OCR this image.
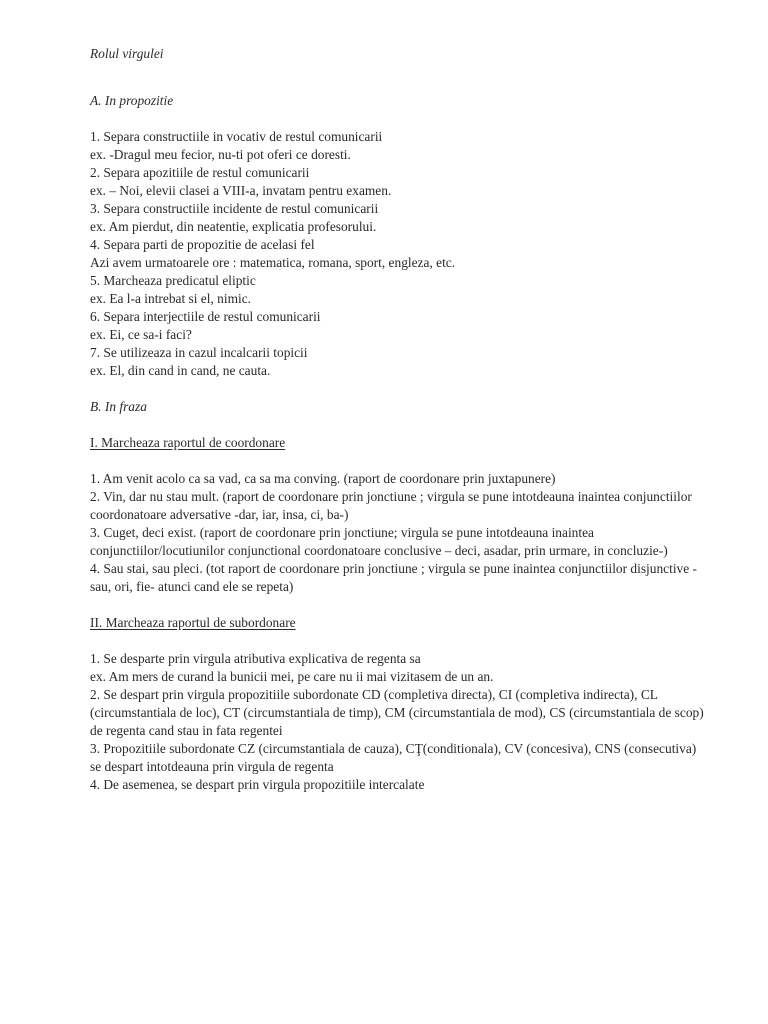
Rolul virgulei
A. In propozitie
1. Separa constructiile in vocativ de restul comunicarii
ex. -Dragul meu fecior, nu-ti pot oferi ce doresti.
2. Separa apozitiile de restul comunicarii
ex. – Noi, elevii clasei a VIII-a, invatam pentru examen.
3. Separa constructiile incidente de restul comunicarii
ex. Am pierdut, din neatentie, explicatia profesorului.
4. Separa parti de propozitie de acelasi fel
Azi avem urmatoarele ore : matematica, romana, sport, engleza, etc.
5. Marcheaza predicatul eliptic
ex. Ea l-a intrebat si el, nimic.
6. Separa interjectiile de restul comunicarii
ex. Ei, ce sa-i faci?
7. Se utilizeaza in cazul incalcarii topicii
ex. El, din cand in cand, ne cauta.
B. In fraza
I. Marcheaza raportul de coordonare
1. Am venit acolo ca sa vad, ca sa ma conving. (raport de coordonare prin juxtapunere)
2. Vin, dar nu stau mult. (raport de coordonare prin jonctiune ; virgula se pune intotdeauna inaintea conjunctiilor coordonatoare adversative -dar, iar, insa, ci, ba-)
3. Cuget, deci exist. (raport de coordonare prin jonctiune; virgula se pune intotdeauna inaintea conjunctiilor/locutiunilor conjunctional coordonatoare conclusive – deci, asadar, prin urmare, in concluzie-)
4. Sau stai, sau pleci. (tot raport de coordonare prin jonctiune ; virgula se pune inaintea conjunctiilor disjunctive -sau, ori, fie- atunci cand ele se repeta)
II. Marcheaza raportul de subordonare
1. Se desparte prin virgula atributiva explicativa de regenta sa
ex. Am mers de curand la bunicii mei, pe care nu ii mai vizitasem de un an.
2. Se despart prin virgula propozitiile subordonate CD (completiva directa), CI (completiva indirecta), CL (circumstantiala de loc), CT (circumstantiala de timp), CM (circumstantiala de mod), CS (circumstantiala de scop) de regenta cand stau in fata regentei
3. Propozitiile subordonate CZ (circumstantiala de cauza), CŢ(conditionala), CV (concesiva), CNS (consecutiva) se despart intotdeauna prin virgula de regenta
4. De asemenea, se despart prin virgula propozitiile intercalate
